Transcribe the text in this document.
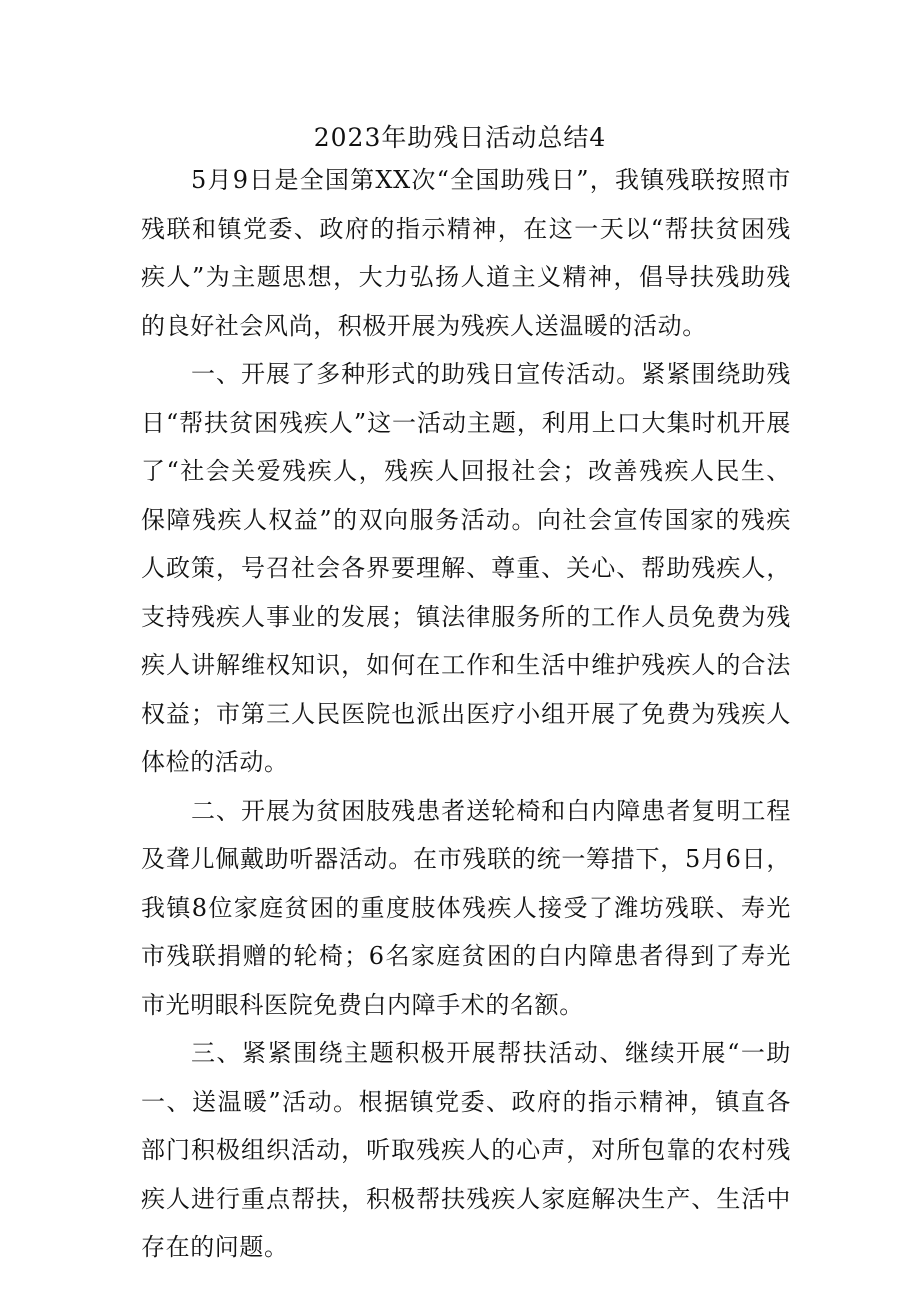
2023年助残日活动总结4

5月9日是全国第XX次“全国助残日”，我镇残联按照市残联和镇党委、政府的指示精神，在这一天以“帮扶贫困残疾人”为主题思想，大力弘扬人道主义精神，倡导扶残助残的良好社会风尚，积极开展为残疾人送温暖的活动。

一、开展了多种形式的助残日宣传活动。紧紧围绕助残日“帮扶贫困残疾人”这一活动主题，利用上口大集时机开展了“社会关爱残疾人，残疾人回报社会；改善残疾人民生、保障残疾人权益”的双向服务活动。向社会宣传国家的残疾人政策，号召社会各界要理解、尊重、关心、帮助残疾人，支持残疾人事业的发展；镇法律服务所的工作人员免费为残疾人讲解维权知识，如何在工作和生活中维护残疾人的合法权益；市第三人民医院也派出医疗小组开展了免费为残疾人体检的活动。

二、开展为贫困肢残患者送轮椅和白内障患者复明工程及聋儿佩戴助听器活动。在市残联的统一筹措下，5月6日，我镇8位家庭贫困的重度肢体残疾人接受了潍坊残联、寿光市残联捐赠的轮椅；6名家庭贫困的白内障患者得到了寿光市光明眼科医院免费白内障手术的名额。

三、紧紧围绕主题积极开展帮扶活动、继续开展“一助一、送温暖”活动。根据镇党委、政府的指示精神，镇直各部门积极组织活动，听取残疾人的心声，对所包靠的农村残疾人进行重点帮扶，积极帮扶残疾人家庭解决生产、生活中存在的问题。
